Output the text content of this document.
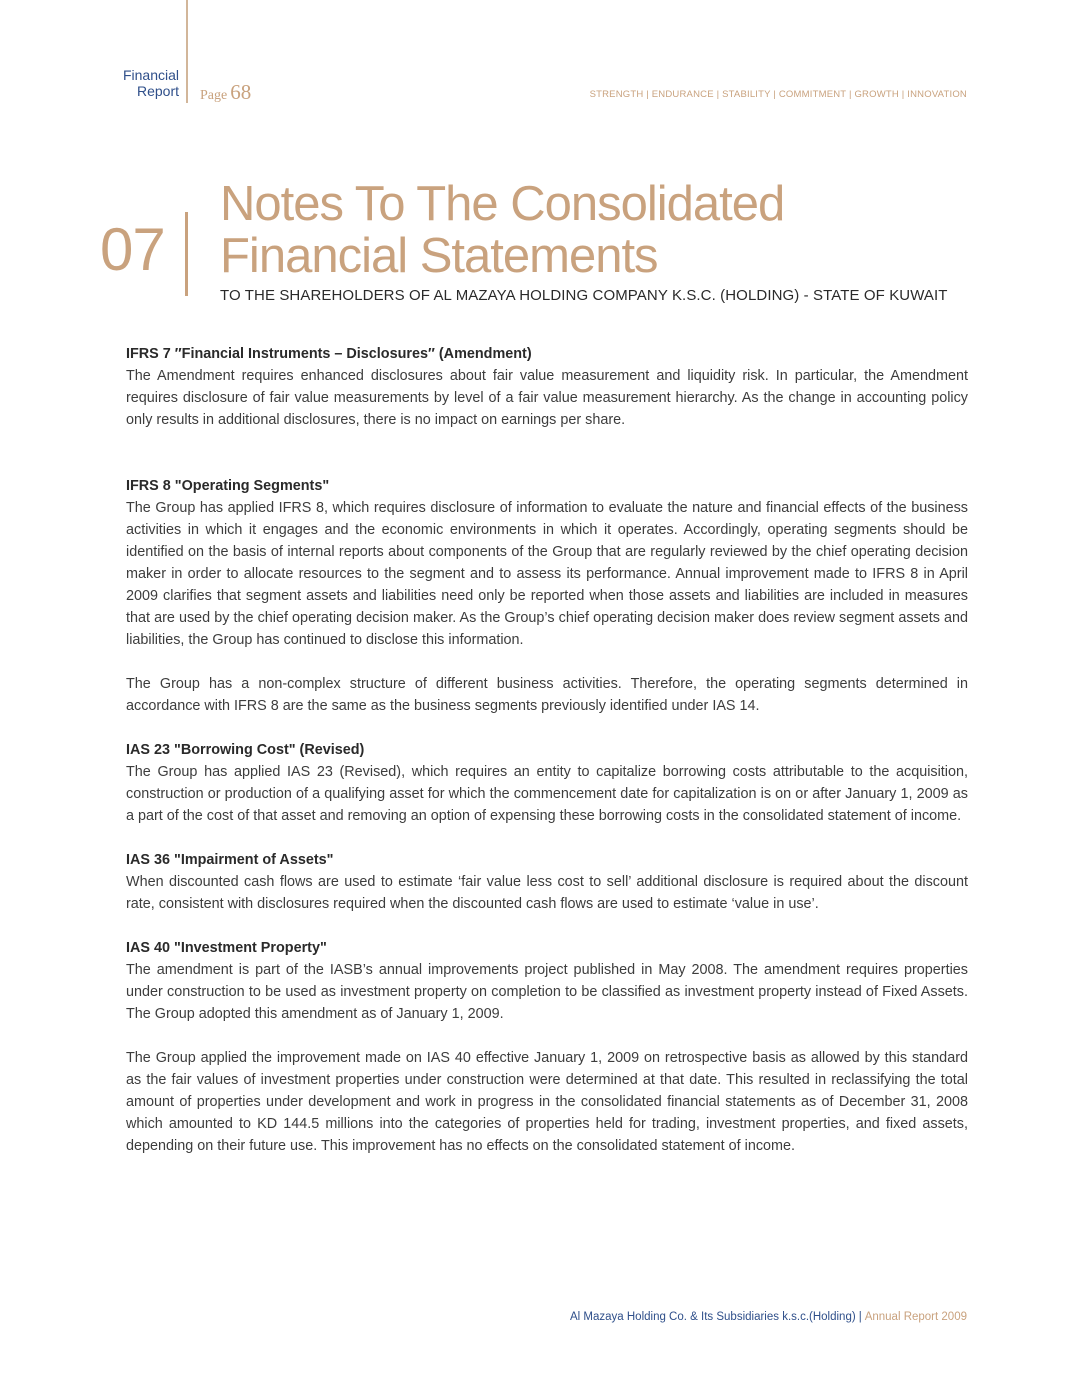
Financial
Report Page 68	STRENGTH | ENDURANCE | STABILITY | COMMITMENT | GROWTH | INNOVATION
07
Notes To The Consolidated
Financial Statements
TO THE SHAREHOLDERS OF AL MAZAYA HOLDING COMPANY K.S.C. (HOLDING) - STATE OF KUWAIT
IFRS 7 ″Financial Instruments – Disclosures″ (Amendment)

The Amendment requires enhanced disclosures about fair value measurement and liquidity risk. In particular, the Amendment requires disclosure of fair value measurements by level of a fair value measurement hierarchy. As the change in accounting policy only results in additional disclosures, there is no impact on earnings per share.

IFRS 8 "Operating Segments"

The Group has applied IFRS 8, which requires disclosure of information to evaluate the nature and financial effects of the business activities in which it engages and the economic environments in which it operates. Accordingly, operating segments should be identified on the basis of internal reports about components of the Group that are regularly reviewed by the chief operating decision maker in order to allocate resources to the segment and to assess its performance. Annual improvement made to IFRS 8 in April 2009 clarifies that segment assets and liabilities need only be reported when those assets and liabilities are included in measures that are used by the chief operating decision maker. As the Group’s chief operating decision maker does review segment assets and liabilities, the Group has continued to disclose this information.

The Group has a non-complex structure of different business activities. Therefore, the operating segments determined in accordance with IFRS 8 are the same as the business segments previously identified under IAS 14.

IAS 23 "Borrowing Cost" (Revised)

The Group has applied IAS 23 (Revised), which requires an entity to capitalize borrowing costs attributable to the acquisition, construction or production of a qualifying asset for which the commencement date for capitalization is on or after January 1, 2009 as a part of the cost of that asset and removing an option of expensing these borrowing costs in the consolidated statement of income.

IAS 36 "Impairment of Assets"

When discounted cash flows are used to estimate ‘fair value less cost to sell’ additional disclosure is required about the discount rate, consistent with disclosures required when the discounted cash flows are used to estimate ‘value in use’.

IAS 40 "Investment Property"

The amendment is part of the IASB’s annual improvements project published in May 2008. The amendment requires properties under construction to be used as investment property on completion to be classified as investment property instead of Fixed Assets. The Group adopted this amendment as of January 1, 2009.

The Group applied the improvement made on IAS 40 effective January 1, 2009 on retrospective basis as allowed by this standard as the fair values of investment properties under construction were determined at that date. This resulted in reclassifying the total amount of properties under development and work in progress in the consolidated financial statements as of December 31, 2008 which amounted to KD 144.5 millions into the categories of properties held for trading, investment properties, and fixed assets, depending on their future use. This improvement has no effects on the consolidated statement of income.

Al Mazaya Holding Co. & Its Subsidiaries k.s.c.(Holding) | Annual Report 2009
